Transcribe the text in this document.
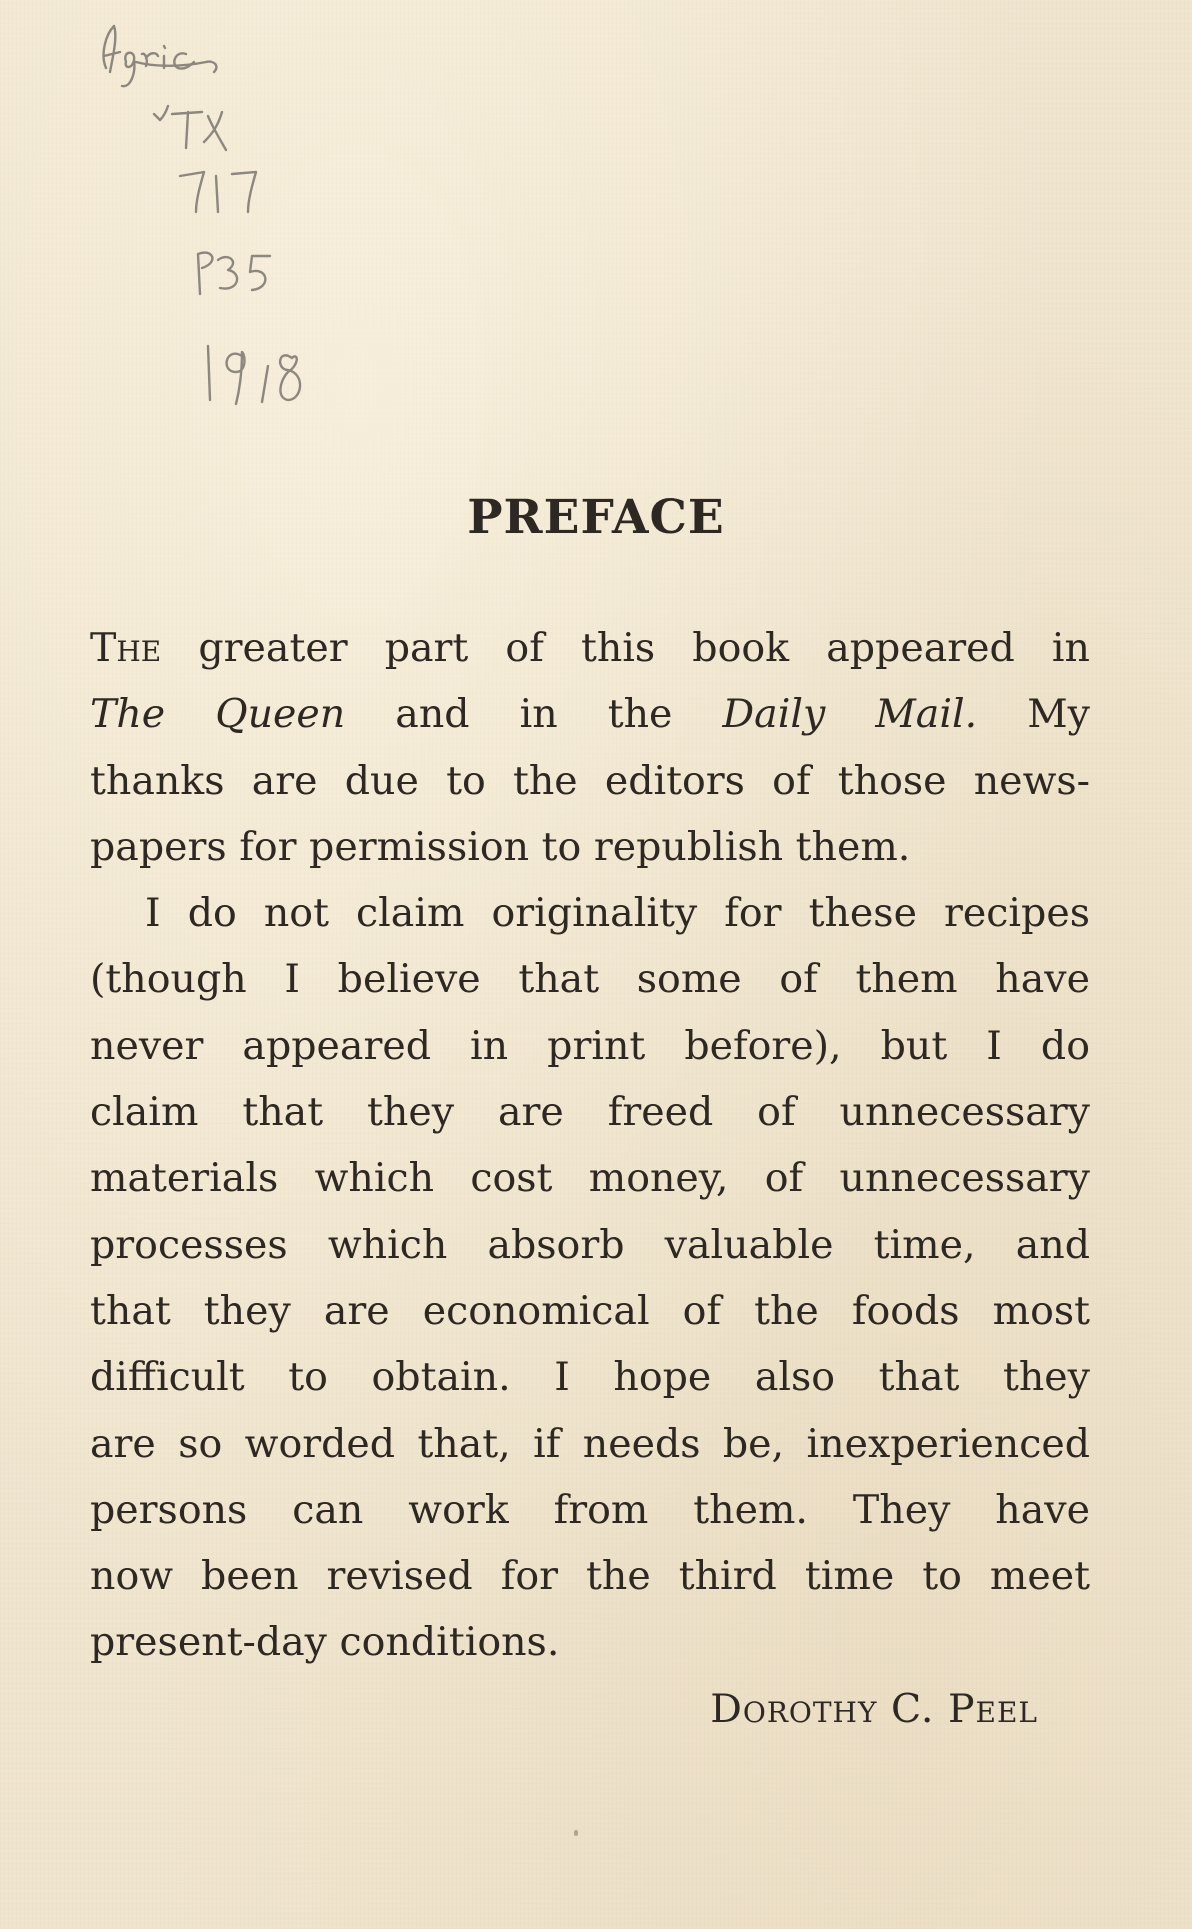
PREFACE

The greater part of this book appeared in
The Queen and in the Daily Mail. My
thanks are due to the editors of those news-
papers for permission to republish them.

I do not claim originality for these recipes
(though I believe that some of them have
never appeared in print before), but I do
claim that they are freed of unnecessary
materials which cost money, of unnecessary
processes which absorb valuable time, and
that they are economical of the foods most
difficult to obtain. I hope also that they
are so worded that, if needs be, inexperienced
persons can work from them. They have
now been revised for the third time to meet
present-day conditions.

Dorothy C. Peel
